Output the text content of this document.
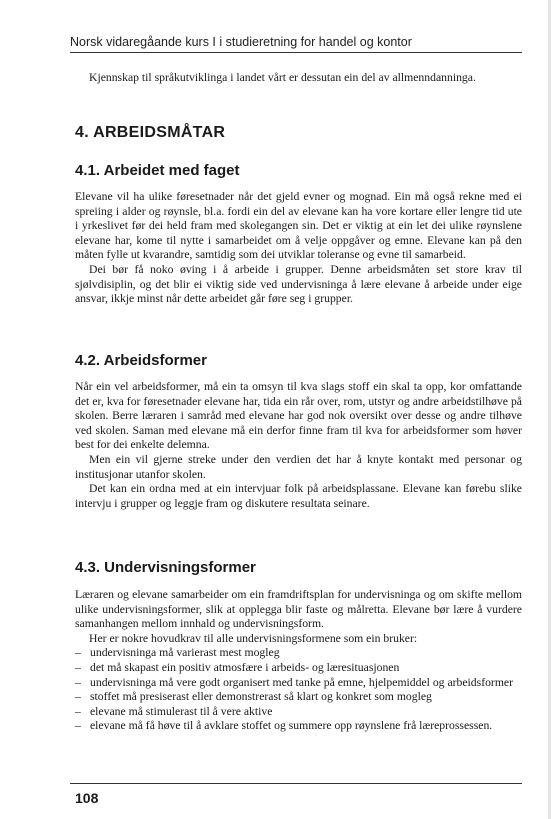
Norsk vidaregåande kurs I i studieretning for handel og kontor

Kjennskap til språkutviklinga i landet vårt er dessutan ein del av allmenndanninga.

4. ARBEIDSMÅTAR
4.1. Arbeidet med faget

Elevane vil ha ulike føresetnader når det gjeld evner og mognad. Ein må også rekne med ei spreiing i alder og røynsle, bl.a. fordi ein del av elevane kan ha vore kortare eller lengre tid ute i yrkeslivet før dei held fram med skolegangen sin. Det er viktig at ein let dei ulike røynslene elevane har, kome til nytte i samarbeidet om å velje oppgåver og emne. Elevane kan på den måten fylle ut kvarandre, samtidig som dei utviklar toleranse og evne til samarbeid.

Dei bør få noko øving i å arbeide i grupper. Denne arbeidsmåten set store krav til sjølvdisiplin, og det blir ei viktig side ved undervisninga å lære elevane å arbeide under eige ansvar, ikkje minst når dette arbeidet går føre seg i grupper.

4.2. Arbeidsformer

Når ein vel arbeidsformer, må ein ta omsyn til kva slags stoff ein skal ta opp, kor omfattande det er, kva for føresetnader elevane har, tida ein rår over, rom, utstyr og andre arbeidstilhøve på skolen. Berre læraren i samråd med elevane har god nok oversikt over desse og andre tilhøve ved skolen. Saman med elevane må ein derfor finne fram til kva for arbeidsformer som høver best for dei enkelte delemna.

Men ein vil gjerne streke under den verdien det har å knyte kontakt med personar og institusjonar utanfor skolen.

Det kan ein ordna med at ein intervjuar folk på arbeidsplassane. Elevane kan førebu slike intervju i grupper og leggje fram og diskutere resultata seinare.

4.3. Undervisningsformer

Læraren og elevane samarbeider om ein framdriftsplan for undervisninga og om skifte mellom ulike undervisningsformer, slik at opplegga blir faste og målretta. Elevane bør lære å vurdere samanhangen mellom innhald og undervisningsform.

Her er nokre hovudkrav til alle undervisningsformene som ein bruker:

– undervisninga må varierast mest mogleg
– det må skapast ein positiv atmosfære i arbeids- og læresituasjonen
– undervisninga må vere godt organisert med tanke på emne, hjelpemiddel og arbeidsformer
– stoffet må presiserast eller demonstrerast så klart og konkret som mogleg
– elevane må stimulerast til å vere aktive
– elevane må få høve til å avklare stoffet og summere opp røynslene frå læreprossessen.
108
